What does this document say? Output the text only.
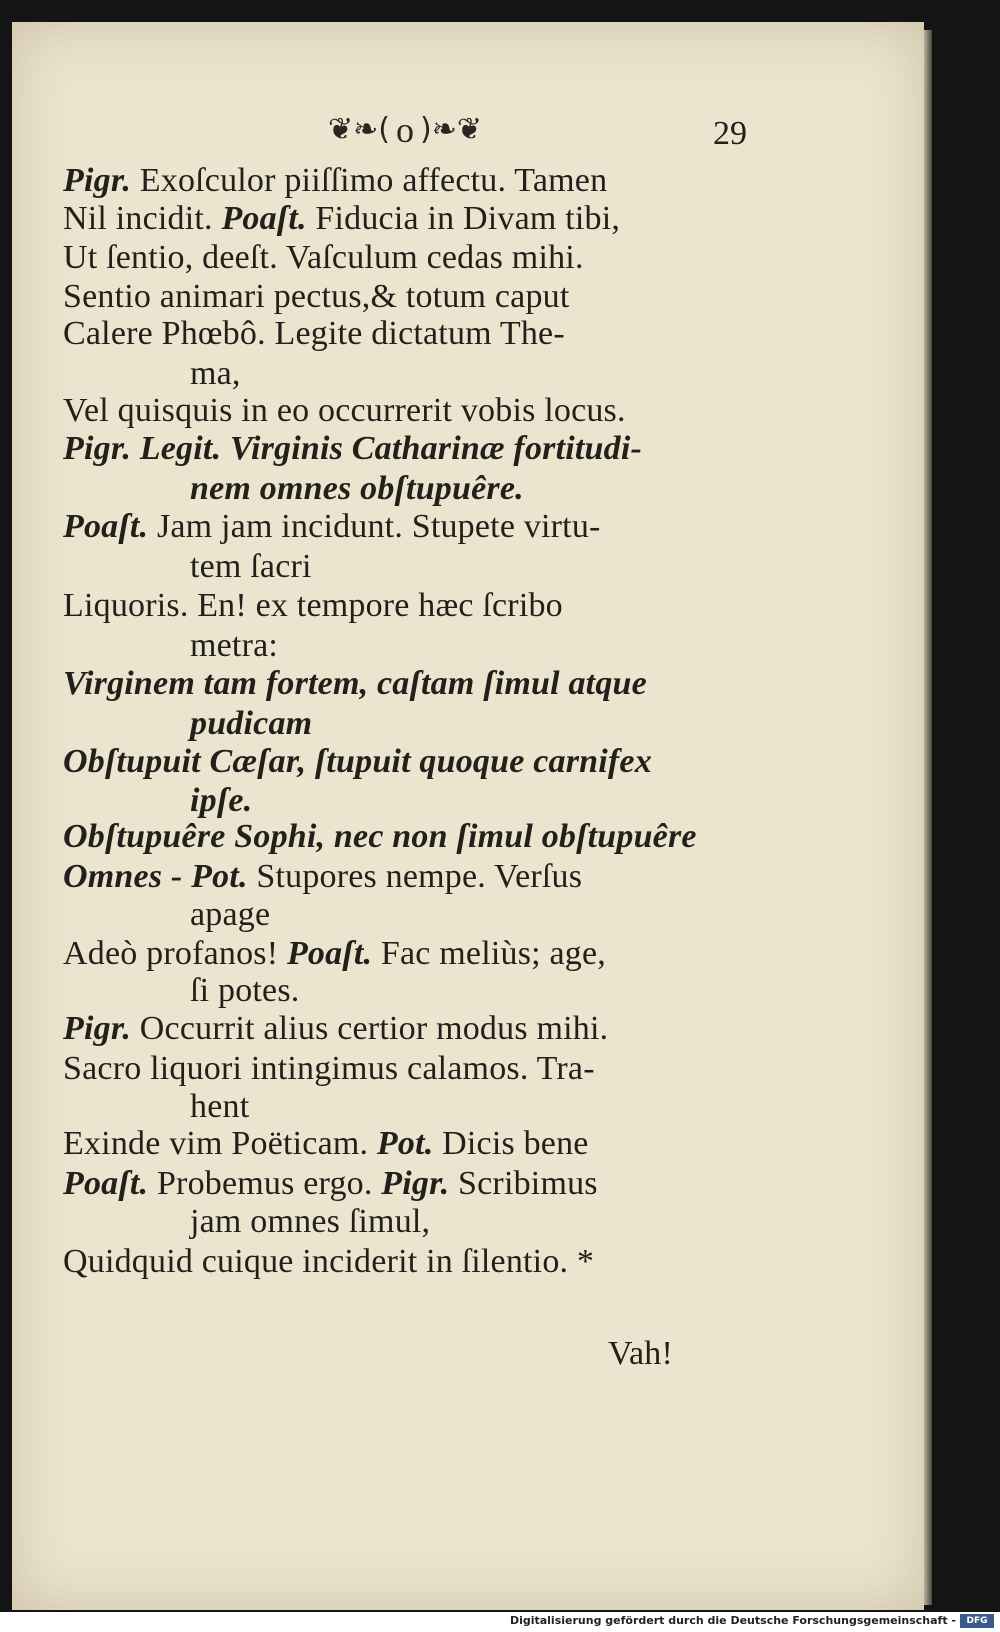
❦❧( o )❧❦	29
Pigr. Exoſculor piiſſimo affectu. Tamen
Nil incidit. Poaſt. Fiducia in Divam tibi,
Ut ſentio, deeſt. Vaſculum cedas mihi.
Sentio animari pectus,& totum caput
Calere Phœbô. Legite dictatum The-
ma,
Vel quisquis in eo occurrerit vobis locus.
Pigr. Legit. Virginis Catharinæ fortitudi-
nem omnes obſtupuêre.
Poaſt. Jam jam incidunt. Stupete virtu-
tem ſacri
Liquoris. En! ex tempore hæc ſcribo
metra:
Virginem tam fortem, caſtam ſimul atque
pudicam
Obſtupuit Cæſar, ſtupuit quoque carnifex
ipſe.
Obſtupuêre Sophi, nec non ſimul obſtupuêre
Omnes - Pot. Stupores nempe. Verſus
apage
Adeò profanos! Poaſt. Fac meliùs; age,
ſi potes.
Pigr. Occurrit alius certior modus mihi.
Sacro liquori intingimus calamos. Tra-
hent
Exinde vim Poëticam. Pot. Dicis bene
Poaſt. Probemus ergo. Pigr. Scribimus
jam omnes ſimul,
Quidquid cuique inciderit in ſilentio. *
Vah!
Digitalisierung gefördert durch die Deutsche Forschungsgemeinschaft -	DFG
